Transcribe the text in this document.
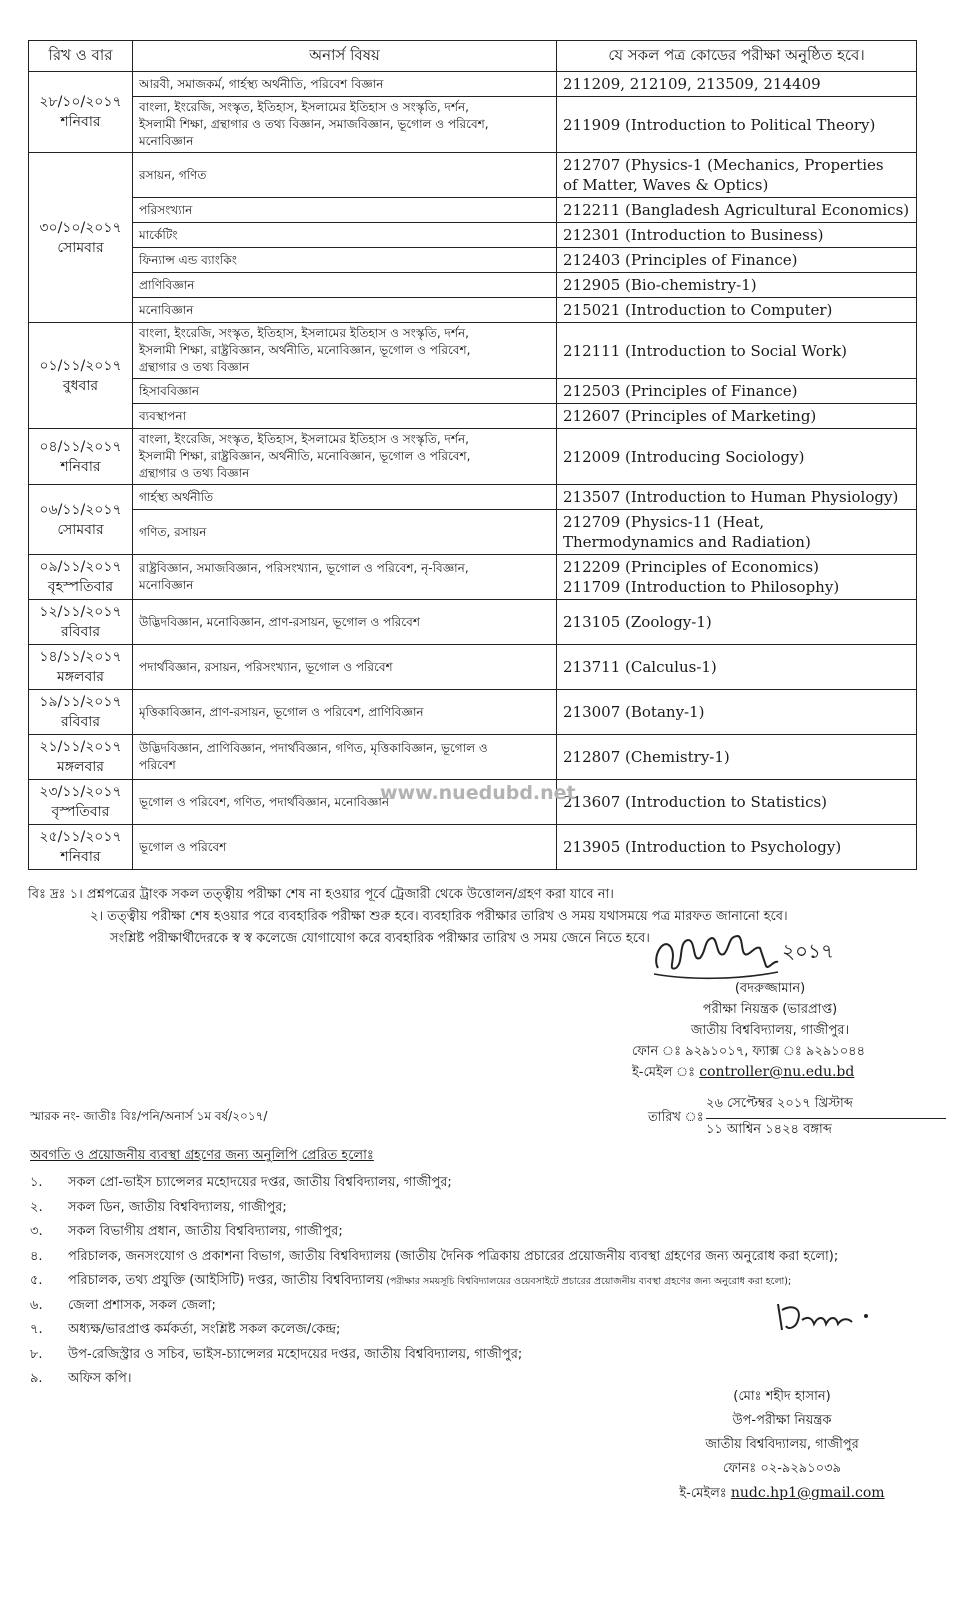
রিখ ও বার	অনার্স বিষয়	যে সকল পত্র কোডের পরীক্ষা অনুষ্ঠিত হবে।

২৮/১০/২০১৭
শনিবার	আরবী, সমাজকর্ম, গার্হস্থ্য অর্থনীতি, পরিবেশ বিজ্ঞান	211209, 212109, 213509, 214409

	বাংলা, ইংরেজি, সংস্কৃত, ইতিহাস, ইসলামের ইতিহাস ও সংস্কৃতি, দর্শন,
ইসলামী শিক্ষা, গ্রন্থাগার ও তথ্য বিজ্ঞান, সমাজবিজ্ঞান, ভূগোল ও পরিবেশ,
মনোবিজ্ঞান	211909 (Introduction to Political Theory)

৩০/১০/২০১৭
সোমবার	রসায়ন, গণিত	212707 (Physics-1 (Mechanics, Properties
of Matter, Waves & Optics)

	পরিসংখ্যান	212211 (Bangladesh Agricultural Economics)

	মার্কেটিং	212301 (Introduction to Business)

	ফিন্যান্স এন্ড ব্যাংকিং	212403 (Principles of Finance)

	প্রাণিবিজ্ঞান	212905 (Bio-chemistry-1)

	মনোবিজ্ঞান	215021 (Introduction to Computer)

০১/১১/২০১৭
বুধবার	বাংলা, ইংরেজি, সংস্কৃত, ইতিহাস, ইসলামের ইতিহাস ও সংস্কৃতি, দর্শন,
ইসলামী শিক্ষা, রাষ্ট্রবিজ্ঞান, অর্থনীতি, মনোবিজ্ঞান, ভূগোল ও পরিবেশ,
গ্রন্থাগার ও তথ্য বিজ্ঞান	212111 (Introduction to Social Work)

	হিসাববিজ্ঞান	212503 (Principles of Finance)

	ব্যবস্থাপনা	212607 (Principles of Marketing)

০৪/১১/২০১৭
শনিবার	বাংলা, ইংরেজি, সংস্কৃত, ইতিহাস, ইসলামের ইতিহাস ও সংস্কৃতি, দর্শন,
ইসলামী শিক্ষা, রাষ্ট্রবিজ্ঞান, অর্থনীতি, মনোবিজ্ঞান, ভূগোল ও পরিবেশ,
গ্রন্থাগার ও তথ্য বিজ্ঞান	212009 (Introducing Sociology)

০৬/১১/২০১৭
সোমবার	গার্হস্থ্য অর্থনীতি	213507 (Introduction to Human Physiology)

	গণিত, রসায়ন	212709 (Physics-11 (Heat,
Thermodynamics and Radiation)

০৯/১১/২০১৭
বৃহস্পতিবার	রাষ্ট্রবিজ্ঞান, সমাজবিজ্ঞান, পরিসংখ্যান, ভূগোল ও পরিবেশ, নৃ-বিজ্ঞান,
মনোবিজ্ঞান	212209 (Principles of Economics)
211709 (Introduction to Philosophy)

১২/১১/২০১৭
রবিবার	উদ্ভিদবিজ্ঞান, মনোবিজ্ঞান, প্রাণ-রসায়ন, ভূগোল ও পরিবেশ	213105 (Zoology-1)

১৪/১১/২০১৭
মঙ্গলবার	পদার্থবিজ্ঞান, রসায়ন, পরিসংখ্যান, ভূগোল ও পরিবেশ	213711 (Calculus-1)

১৯/১১/২০১৭
রবিবার	মৃত্তিকাবিজ্ঞান, প্রাণ-রসায়ন, ভূগোল ও পরিবেশ, প্রাণিবিজ্ঞান	213007 (Botany-1)

২১/১১/২০১৭
মঙ্গলবার	উদ্ভিদবিজ্ঞান, প্রাণিবিজ্ঞান, পদার্থবিজ্ঞান, গণিত, মৃত্তিকাবিজ্ঞান, ভূগোল ও
পরিবেশ	212807 (Chemistry-1)

২৩/১১/২০১৭
বৃস্পতিবার	ভূগোল ও পরিবেশ, গণিত, পদার্থবিজ্ঞান, মনোবিজ্ঞান	213607 (Introduction to Statistics)

২৫/১১/২০১৭
শনিবার	ভূগোল ও পরিবেশ	213905 (Introduction to Psychology)
www.nuedubd.net
বিঃ দ্রঃ ১। প্রশ্নপত্রের ট্রাংক সকল তত্ত্বীয় পরীক্ষা শেষ না হওয়ার পূর্বে ট্রেজারী থেকে উত্তোলন/গ্রহণ করা যাবে না।
২। তত্ত্বীয় পরীক্ষা শেষ হওয়ার পরে ব্যবহারিক পরীক্ষা শুরু হবে। ব্যবহারিক পরীক্ষার তারিখ ও সময় যথাসময়ে পত্র মারফত জানানো হবে।
সংশ্লিষ্ট পরীক্ষার্থীদেরকে স্ব স্ব কলেজে যোগাযোগ করে ব্যবহারিক পরীক্ষার তারিখ ও সময় জেনে নিতে হবে।
২০১৭
(বদরুজ্জামান)
পরীক্ষা নিয়ন্ত্রক (ভারপ্রাপ্ত)
জাতীয় বিশ্ববিদ্যালয়, গাজীপুর।
ফোন ঃ ৯২৯১০১৭, ফ্যাক্স ঃ ৯২৯১০৪৪
ই-মেইল ঃ controller@nu.edu.bd
স্মারক নং- জাতীঃ বিঃ/পনি/অনার্স ১ম বর্ষ/২০১৭/	তারিখ ঃ
২৬ সেপ্টেম্বর ২০১৭ খ্রিস্টাব্দ
১১ আশ্বিন ১৪২৪ বঙ্গাব্দ
অবগতি ও প্রয়োজনীয় ব্যবস্থা গ্রহণের জন্য অনুলিপি প্রেরিত হলোঃ
১. সকল প্রো-ভাইস চ্যান্সেলর মহোদয়ের দপ্তর, জাতীয় বিশ্ববিদ্যালয়, গাজীপুর;
২. সকল ডিন, জাতীয় বিশ্ববিদ্যালয়, গাজীপুর;
৩. সকল বিভাগীয় প্রধান, জাতীয় বিশ্ববিদ্যালয়, গাজীপুর;
৪. পরিচালক, জনসংযোগ ও প্রকাশনা বিভাগ, জাতীয় বিশ্ববিদ্যালয় (জাতীয় দৈনিক পত্রিকায় প্রচারের প্রয়োজনীয় ব্যবস্থা গ্রহণের জন্য অনুরোধ করা হলো);
৫. পরিচালক, তথ্য প্রযুক্তি (আইসিটি) দপ্তর, জাতীয় বিশ্ববিদ্যালয় (পরীক্ষার সময়সূচি বিশ্ববিদ্যালয়ের ওয়েবসাইটে প্রচারের প্রয়োজনীয় ব্যবস্থা গ্রহণের জন্য অনুরোধ করা হলো);
৬. জেলা প্রশাসক, সকল জেলা;
৭. অধ্যক্ষ/ভারপ্রাপ্ত কর্মকর্তা, সংশ্লিষ্ট সকল কলেজ/কেন্দ্র;
৮. উপ-রেজিস্ট্রার ও সচিব, ভাইস-চ্যান্সেলর মহোদয়ের দপ্তর, জাতীয় বিশ্ববিদ্যালয়, গাজীপুর;
৯. অফিস কপি।
(মোঃ শহীদ হাসান)
উপ-পরীক্ষা নিয়ন্ত্রক
জাতীয় বিশ্ববিদ্যালয়, গাজীপুর
ফোনঃ ০২-৯২৯১০৩৯
ই-মেইলঃ nudc.hp1@gmail.com
